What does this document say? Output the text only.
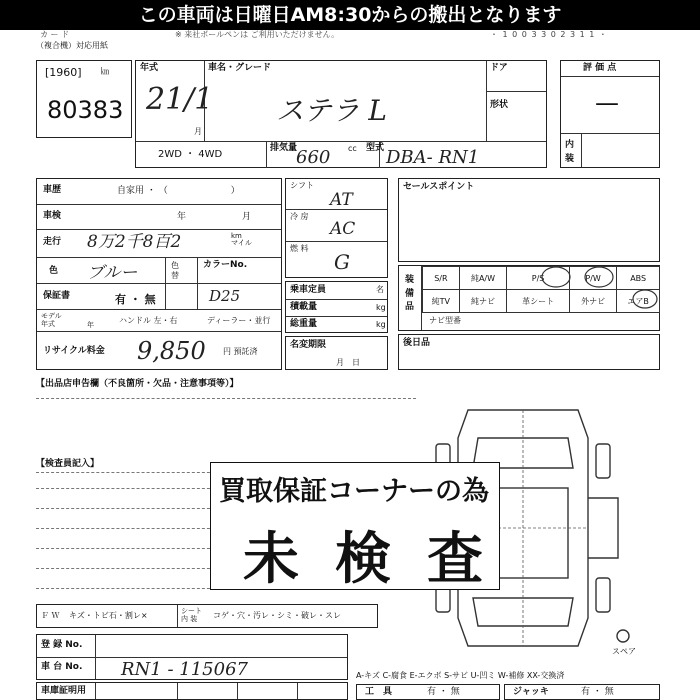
この車両は日曜日AM8:30からの搬出となります
カ ー ド	※ 来社ボールペンは ご利用いただけません。
（複合機）対応用紙
・ 1 0 0 3 3 0 2 3 1 1 ・
[1960] ㎞
80383
年式
21/1
月
車名・グレード
ステラ L
ドア
形状
2WD ・ 4WD
排気量
660 cc 型式 DBA- RN1
評 価 点
—
内
装
車歴	自家用 ・ （　　　　　　　）
車検	年	月
走行 8万2千8百2	km
マイル
色 ブルー	色
替
カラーNo.
D25
保証書	有 ・ 無
モデル
年式	年	ハンドル 左・右	ディーラー・並行
リサイクル料金 9,850 円 預託済
シフト
AT
冷 房
AC
燃 料
G
乗車定員	名
積載量	kg
総重量	kg
名変期限
月　日
セールスポイント
装
備
品
S/R	純A/W	P/S	P/W	ABS
純TV	純ナビ	革シート	外ナビ	エアB
ナビ型番
後日品
【出品店申告欄（不良箇所・欠品・注意事項等）】
【検査員記入】
スペア
買取保証コーナーの為
未検査
Ｆ Ｗ キズ・トビ石・割レ×	シート
内 装	コゲ・穴・汚レ・シミ・破レ・スレ
登 録 No.
車 台 No. RN1 - 115067
車庫証明用
A-キズ C-腐食 E-エクボ S-サビ U-凹ミ W-補修 XX-交換済
工　具	有 ・ 無	ジャッキ	有 ・ 無
